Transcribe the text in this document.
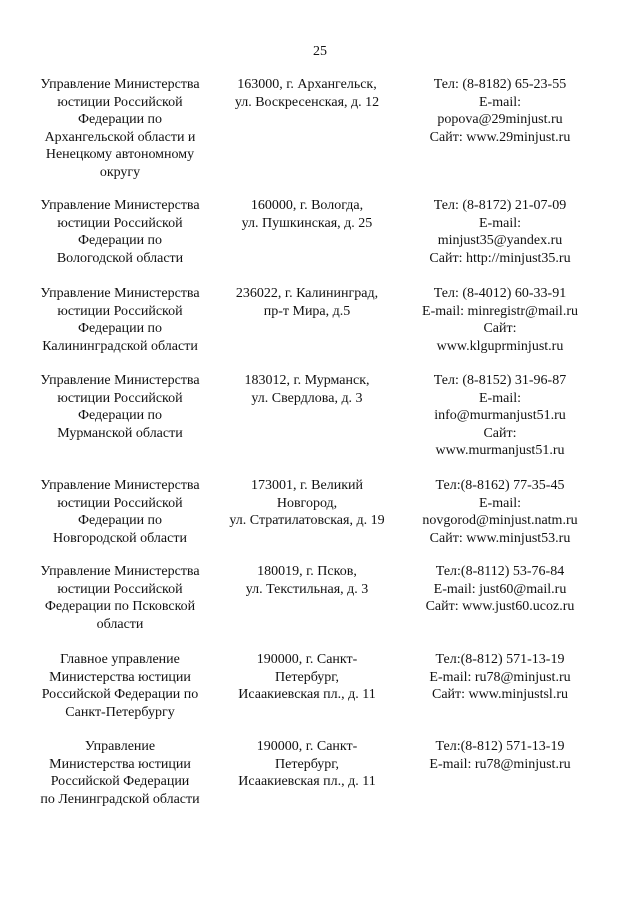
25
Управление Министерства
юстиции Российской
Федерации по
Архангельской области и
Ненецкому автономному
округу
163000, г. Архангельск,
ул. Воскресенская, д. 12
Тел: (8-8182) 65-23-55
E-mail:
popova@29minjust.ru
Сайт: www.29minjust.ru
Управление Министерства
юстиции Российской
Федерации по
Вологодской области
160000, г. Вологда,
ул. Пушкинская, д. 25
Тел: (8-8172) 21-07-09
E-mail:
minjust35@yandex.ru
Сайт: http://minjust35.ru
Управление Министерства
юстиции Российской
Федерации по
Калининградской области
236022, г. Калининград,
пр-т Мира, д.5
Тел: (8-4012) 60-33-91
E-mail: minregistr@mail.ru
Сайт:
www.klguprminjust.ru
Управление Министерства
юстиции Российской
Федерации по
Мурманской области
183012, г. Мурманск,
ул. Свердлова, д. 3
Тел: (8-8152) 31-96-87
E-mail:
info@murmanjust51.ru
Сайт:
www.murmanjust51.ru
Управление Министерства
юстиции Российской
Федерации по
Новгородской области
173001, г. Великий
Новгород,
ул. Стратилатовская, д. 19
Тел:(8-8162) 77-35-45
E-mail:
novgorod@minjust.natm.ru
Сайт: www.minjust53.ru
Управление Министерства
юстиции Российской
Федерации по Псковской
области
180019, г. Псков,
ул. Текстильная, д. 3
Тел:(8-8112) 53-76-84
E-mail: just60@mail.ru
Сайт: www.just60.ucoz.ru
Главное управление
Министерства юстиции
Российской Федерации по
Санкт-Петербургу
190000, г. Санкт-
Петербург,
Исаакиевская пл., д. 11
Тел:(8-812) 571-13-19
E-mail: ru78@minjust.ru
Сайт: www.minjustsl.ru
Управление
Министерства юстиции
Российской Федерации
по Ленинградской области
190000, г. Санкт-
Петербург,
Исаакиевская пл., д. 11
Тел:(8-812) 571-13-19
E-mail: ru78@minjust.ru
